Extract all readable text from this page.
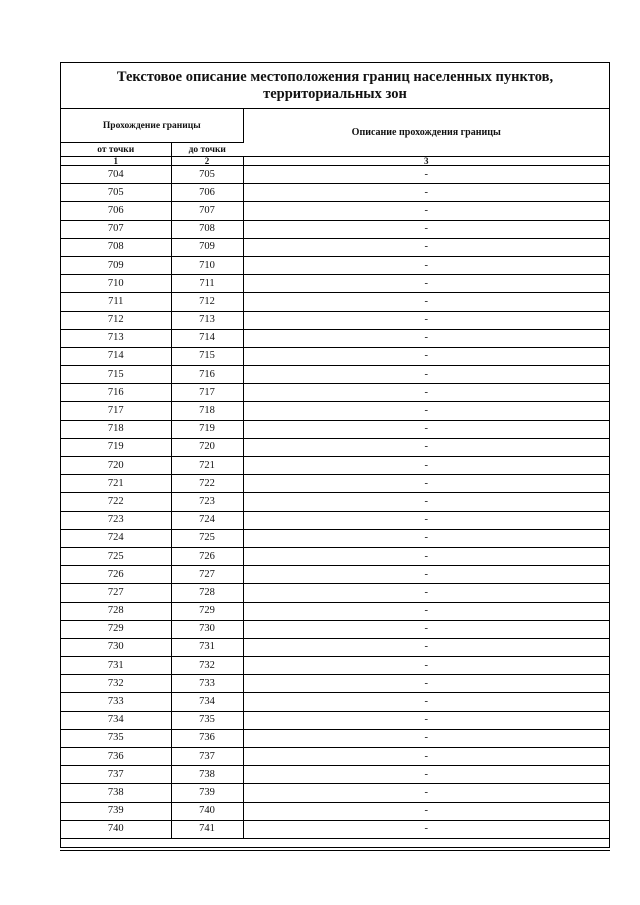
Текстовое описание местоположения границ населенных пунктов,
территориальных зон
Прохождение границы		Описание прохождения границы
от точки	до точки	
1	2	3
704	705	-
705	706	-
706	707	-
707	708	-
708	709	-
709	710	-
710	711	-
711	712	-
712	713	-
713	714	-
714	715	-
715	716	-
716	717	-
717	718	-
718	719	-
719	720	-
720	721	-
721	722	-
722	723	-
723	724	-
724	725	-
725	726	-
726	727	-
727	728	-
728	729	-
729	730	-
730	731	-
731	732	-
732	733	-
733	734	-
734	735	-
735	736	-
736	737	-
737	738	-
738	739	-
739	740	-
740	741	-
